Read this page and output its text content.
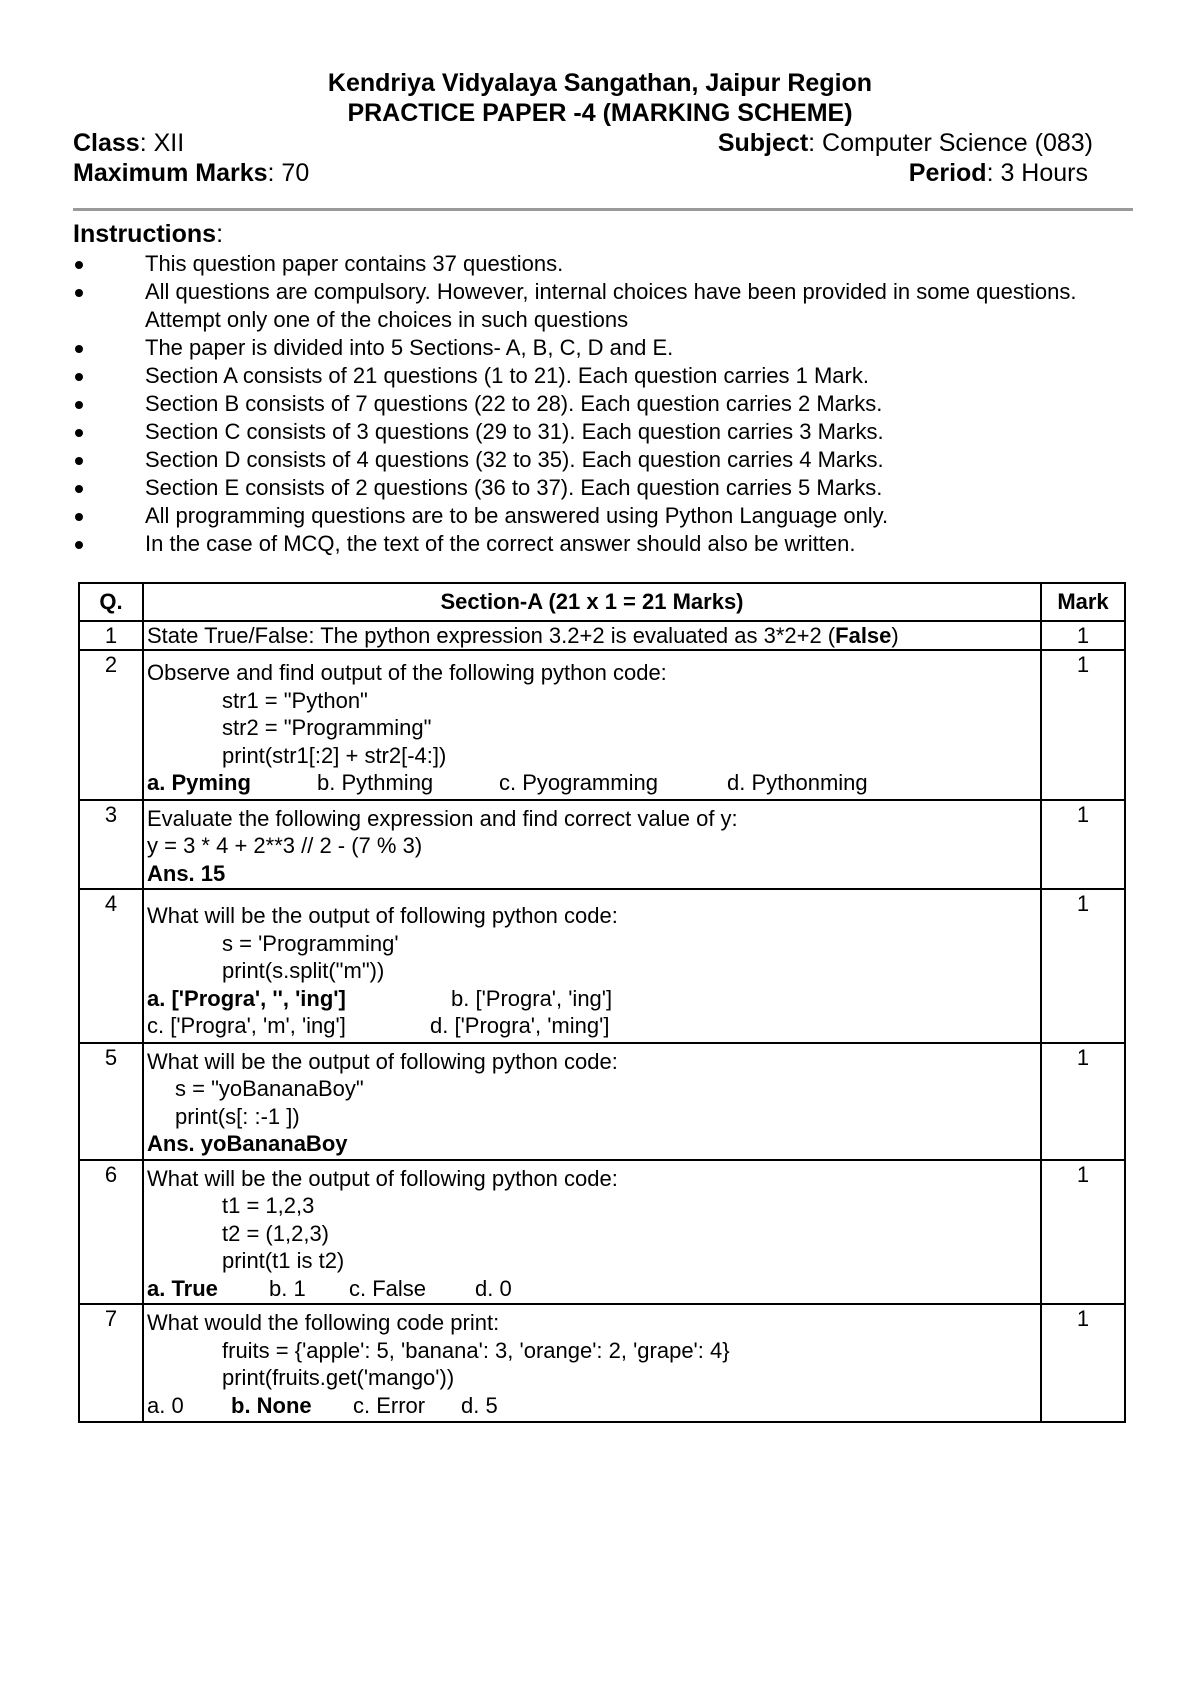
Kendriya Vidyalaya Sangathan, Jaipur Region
PRACTICE PAPER -4 (MARKING SCHEME)
Class: XII	Subject: Computer Science (083)
Maximum Marks: 70	Period: 3 Hours
Instructions:
This question paper contains 37 questions.
All questions are compulsory. However, internal choices have been provided in some questions. Attempt only one of the choices in such questions
The paper is divided into 5 Sections- A, B, C, D and E.
Section A consists of 21 questions (1 to 21). Each question carries 1 Mark.
Section B consists of 7 questions (22 to 28). Each question carries 2 Marks.
Section C consists of 3 questions (29 to 31). Each question carries 3 Marks.
Section D consists of 4 questions (32 to 35). Each question carries 4 Marks.
Section E consists of 2 questions (36 to 37). Each question carries 5 Marks.
All programming questions are to be answered using Python Language only.
In the case of MCQ, the text of the correct answer should also be written.
Q.	Section-A (21 x 1 = 21 Marks)	Mark
1	State True/False: The python expression 3.2+2 is evaluated as 3*2+2 (False)	1
2	Observe and find output of the following python code:
str1 = "Python"
str2 = "Programming"
print(str1[:2] + str2[-4:])
a. Pyming b. Pythming c. Pyogramming d. Pythonming	1
3	Evaluate the following expression and find correct value of y:
y = 3 * 4 + 2**3 // 2 - (7 % 3)
Ans. 15	1
4	What will be the output of following python code:
s = 'Programming'
print(s.split("m"))
a. ['Progra', '', 'ing'] b. ['Progra', 'ing']
c. ['Progra', 'm', 'ing'] d. ['Progra', 'ming']	1
5	What will be the output of following python code:
s = "yoBananaBoy"
print(s[: :-1 ])
Ans. yoBananaBoy	1
6	What will be the output of following python code:
t1 = 1,2,3
t2 = (1,2,3)
print(t1 is t2)
a. True b. 1 c. False d. 0	1
7	What would the following code print:
fruits = {'apple': 5, 'banana': 3, 'orange': 2, 'grape': 4}
print(fruits.get('mango'))
a. 0 b. None c. Error d. 5	1
